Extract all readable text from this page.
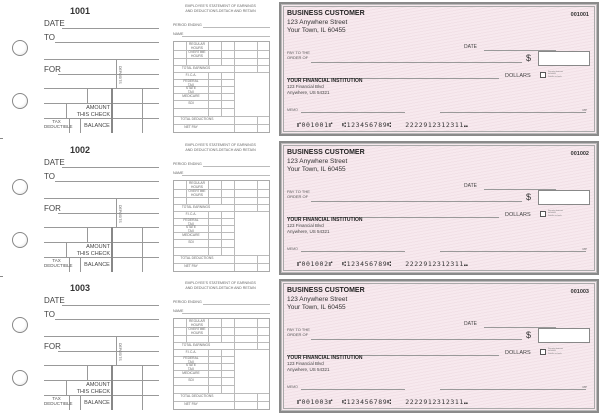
1001
DATE
TO
FOR	DEPOSITS
AMOUNT
THIS CHECK
TAX
DEDUCTIBLE BALANCE
EMPLOYEE'S STATEMENT OF EARNINGS
AND DEDUCTIONS-DETACH AND RETAIN
PERIOD ENDING
NAME
REGULAR
HOURS
OVERTIME
HOURS
TOTAL EARNINGS
F.I.C.A.
FEDERAL
TAX
STATE
TAX
MEDICARE
SDI
TOTAL DEDUCTIONS
NET PAY
BUSINESS CUSTOMER
123 Anywhere Street
Your Town, IL 60455
001001
DATE
PAY TO THE
ORDER OF	$
DOLLARS
Security features
included.
Details on back.
YOUR FINANCIAL INSTITUTION
123 Financial Blvd
Anywhere, US 54321
MEMO	MP
⑈001001⑈  ⑆123456789⑆   2222912312311⑉
1002
DATE
TO
FOR	DEPOSITS
AMOUNT
THIS CHECK
TAX
DEDUCTIBLE BALANCE
EMPLOYEE'S STATEMENT OF EARNINGS
AND DEDUCTIONS-DETACH AND RETAIN
PERIOD ENDING
NAME
REGULAR
HOURS
OVERTIME
HOURS
TOTAL EARNINGS
F.I.C.A.
FEDERAL
TAX
STATE
TAX
MEDICARE
SDI
TOTAL DEDUCTIONS
NET PAY
BUSINESS CUSTOMER
123 Anywhere Street
Your Town, IL 60455
001002
DATE
PAY TO THE
ORDER OF	$
DOLLARS
Security features
included.
Details on back.
YOUR FINANCIAL INSTITUTION
123 Financial Blvd
Anywhere, US 54321
MEMO	MP
⑈001002⑈  ⑆123456789⑆   2222912312311⑉
1003
DATE
TO
FOR	DEPOSITS
AMOUNT
THIS CHECK
TAX
DEDUCTIBLE BALANCE
EMPLOYEE'S STATEMENT OF EARNINGS
AND DEDUCTIONS-DETACH AND RETAIN
PERIOD ENDING
NAME
REGULAR
HOURS
OVERTIME
HOURS
TOTAL EARNINGS
F.I.C.A.
FEDERAL
TAX
STATE
TAX
MEDICARE
SDI
TOTAL DEDUCTIONS
NET PAY
BUSINESS CUSTOMER
123 Anywhere Street
Your Town, IL 60455
001003
DATE
PAY TO THE
ORDER OF	$
DOLLARS
Security features
included.
Details on back.
YOUR FINANCIAL INSTITUTION
123 Financial Blvd
Anywhere, US 54321
MEMO	MP
⑈001003⑈  ⑆123456789⑆   2222912312311⑉
